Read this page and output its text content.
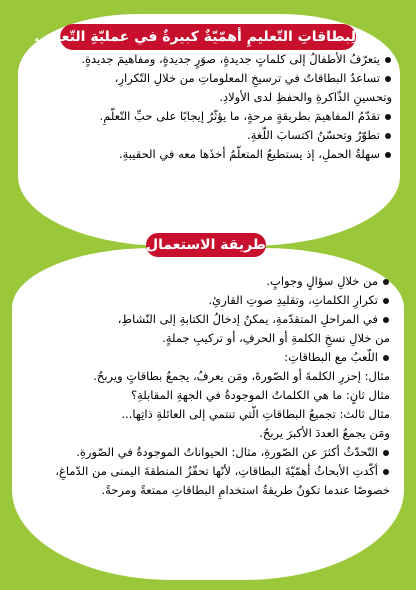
لِبطاقاتِ التّعليمِ أهمّيّةٌ كبيرةٌ في عمليّةِ التّعليم.
يتعرّفُ الأطفالُ إلى كلماتٍ جديدةٍ، صوَرٍ جديدةٍ، ومفاهيمَ جديدةٍ.
تساعدُ البطاقاتُ في ترسيخِ المعلوماتِ من خلالِ التّكرارِ،
وتحسينِ الذّاكرةِ والحفظِ لدى الأولادِ.
تقدّمُ المفاهيمَ بطريقةٍ مرحةٍ، ما يؤثّرُ إيجابًا على حبِّ التّعلّمِ.
تطوّرُ وتحسّنُ اكتسابَ اللّغةِ.
سهلةُ الحملِ، إذ يستطيعُ المتعلّمُ أخذَها معه في الحقيبةِ.
طريقة الاستعمال
من خلالِ سؤالٍ وجوابٍ.
تكرارِ الكلماتِ، وتقليدِ صوتِ القارئِ.
في المراحلِ المتقدّمةِ، يمكنُ إدخالُ الكتابةِ إلى النّشاطِ،
من خلالِ نسخِ الكلمةِ أو الحرفِ، أو تركيبِ جملةٍ.
اللّعبُ مع البطاقاتِ:
مثال: إحزرِ الكلمةَ أو الصّورةَ، ومَن يعرفُ، يجمعُ بطاقاتٍ ويربحُ.
مثال ثانٍ: ما هي الكلماتُ الموجودةُ في الجهةِ المقابلةِ؟
مثال ثالث: تجميعُ البطاقاتِ الّتي تنتمي إلى العائلةِ ذاتِها...
ومَن يجمعُ العددَ الأكبرَ يربحُ.
التّحدّثُ أكثرَ عن الصّورةِ، مثال: الحيواناتُ الموجودةُ في الصّورةِ.
أكّدتِ الأبحاثُ أهمّيّةَ البطاقاتِ، لأنّها تحفّزُ المنطقةَ اليمنى من الدّماغِ،
خصوصًا عندما تكونُ طريقةُ استخدامِ البطاقاتِ ممتعةً ومرحةً.
